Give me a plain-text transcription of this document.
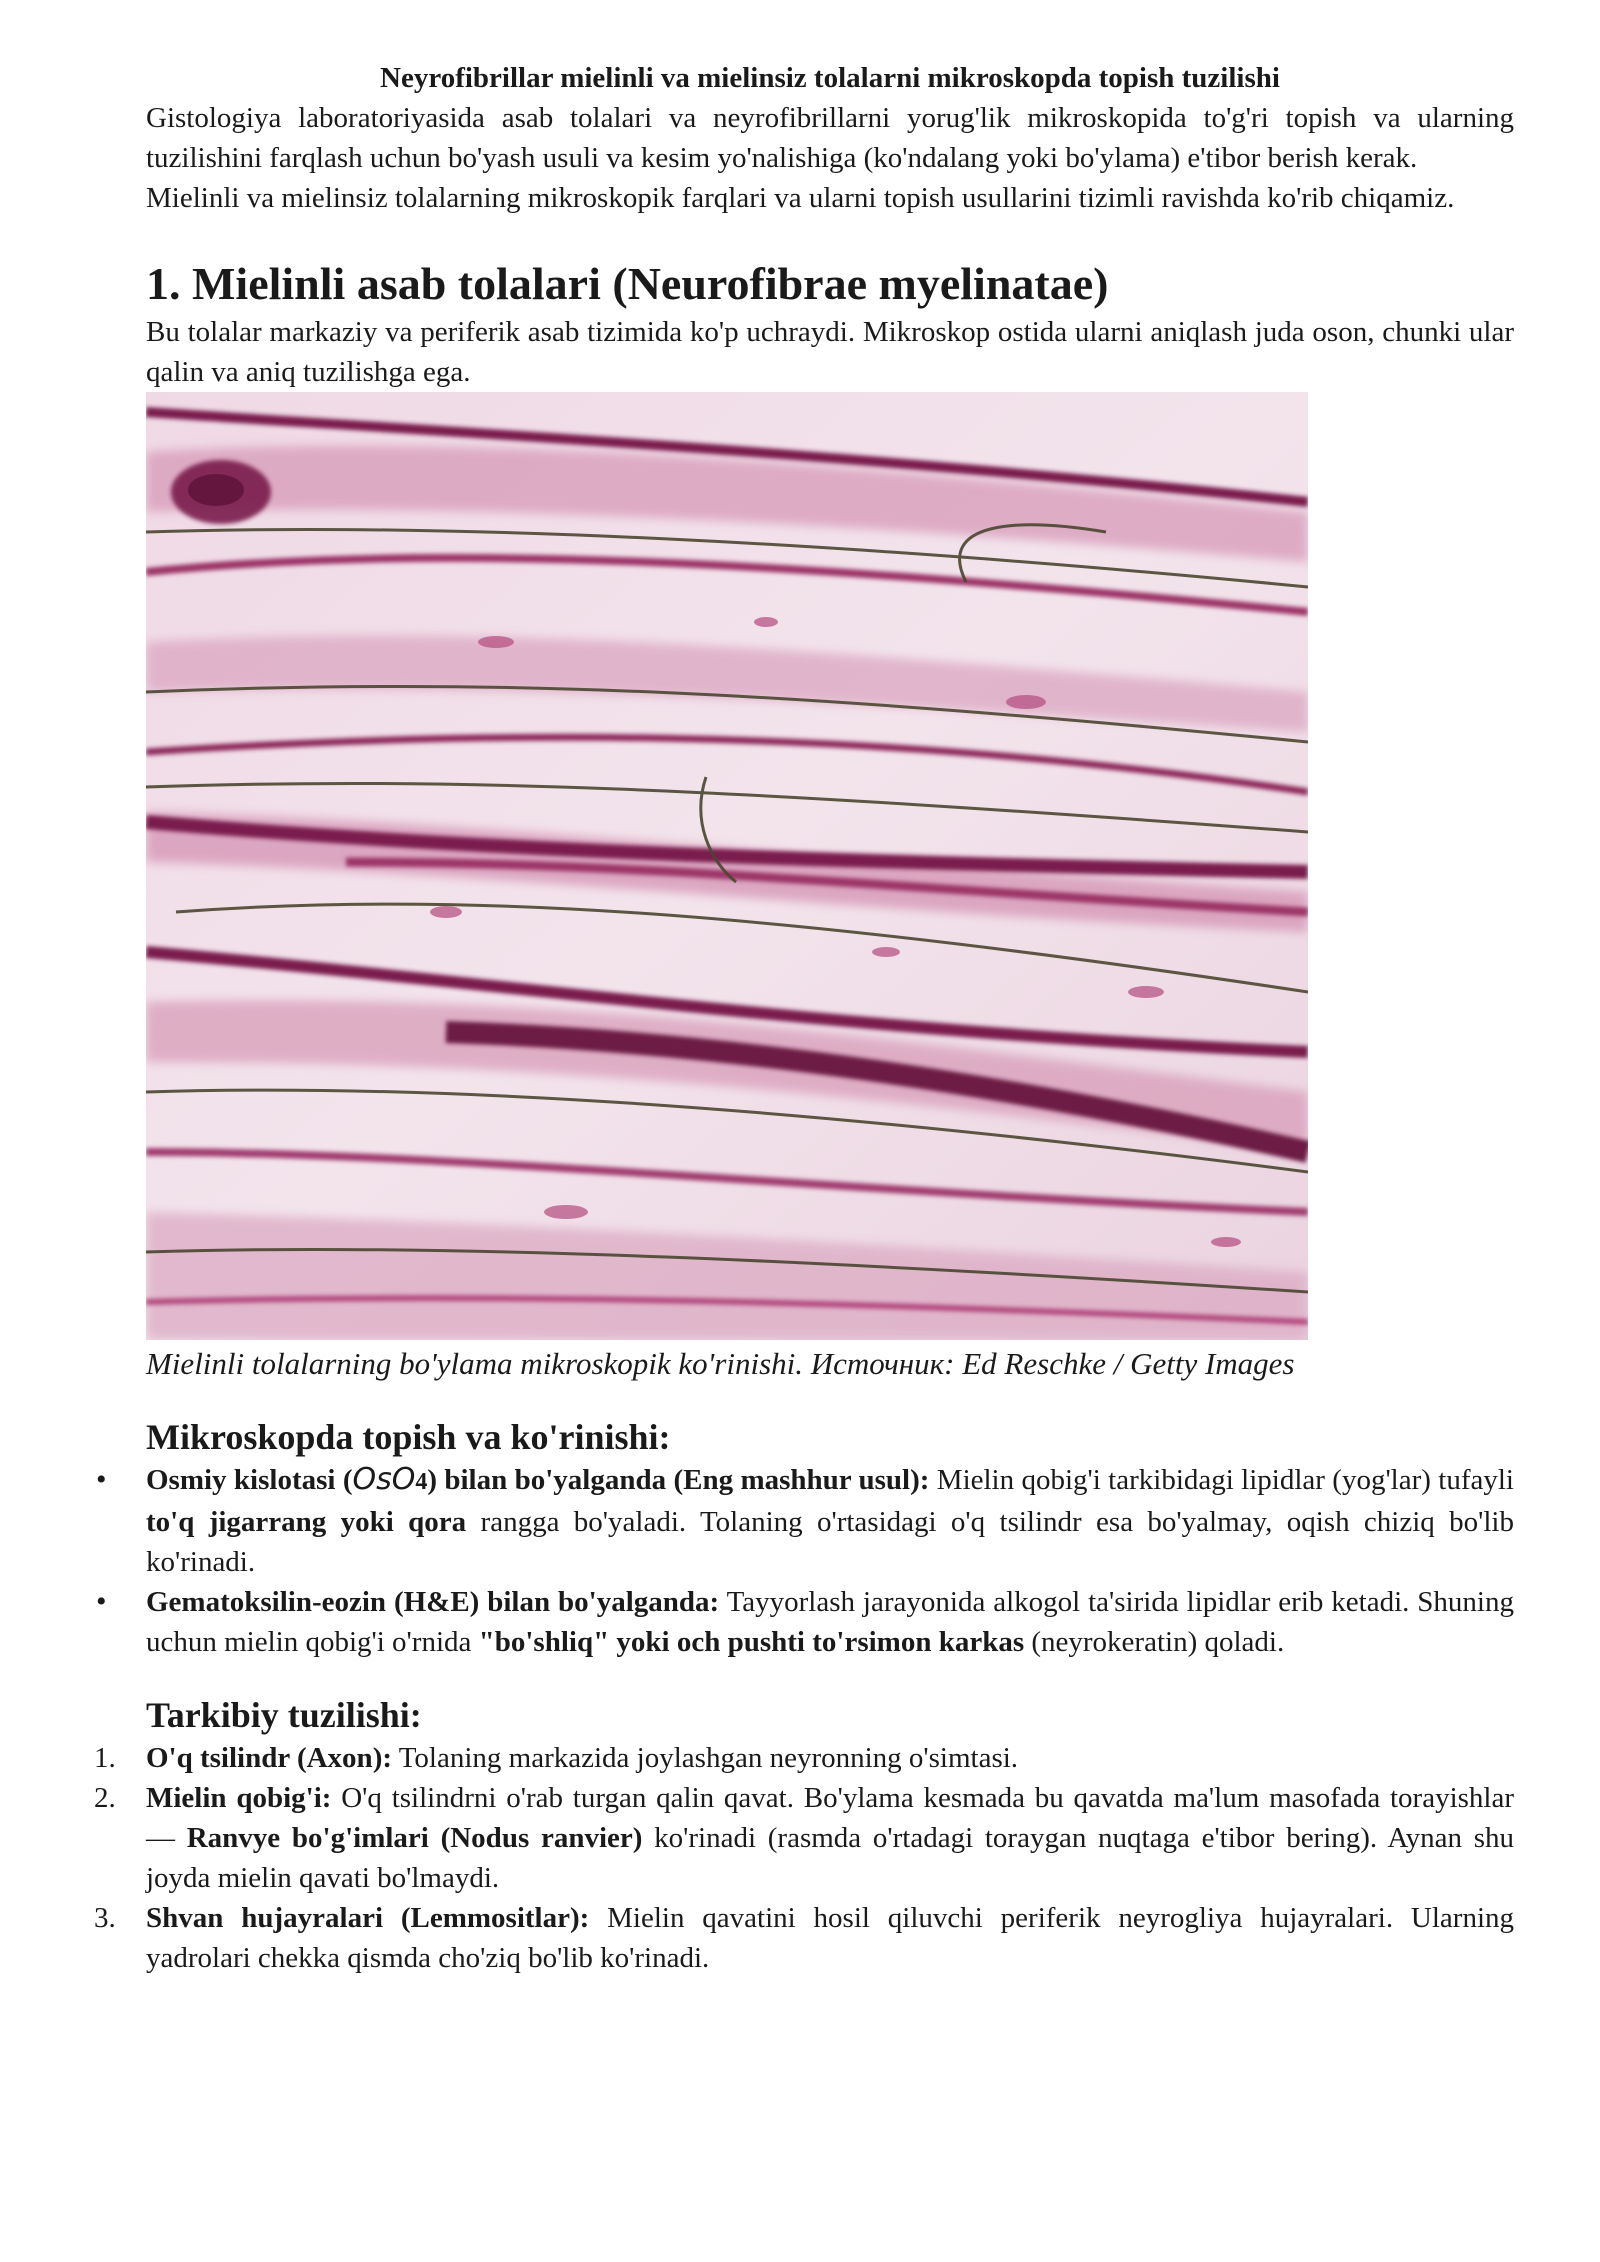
Neyrofibrillar mielinli va mielinsiz tolalarni mikroskopda topish tuzilishi

Gistologiya laboratoriyasida asab tolalari va neyrofibrillarni yorug'lik mikroskopida to'g'ri topish va ularning tuzilishini farqlash uchun bo'yash usuli va kesim yo'nalishiga (ko'ndalang yoki bo'ylama) e'tibor berish kerak.

Mielinli va mielinsiz tolalarning mikroskopik farqlari va ularni topish usullarini tizimli ravishda ko'rib chiqamiz.

1. Mielinli asab tolalari (Neurofibrae myelinatae)

Bu tolalar markaziy va periferik asab tizimida ko'p uchraydi. Mikroskop ostida ularni aniqlash juda oson, chunki ular qalin va aniq tuzilishga ega.

Mielinli tolalarning bo'ylama mikroskopik ko'rinishi. Источник: Ed Reschke / Getty Images

Mikroskopda topish va ko'rinishi:

• Osmiy kislotasi (OsO4) bilan bo'yalganda (Eng mashhur usul): Mielin qobig'i tarkibidagi lipidlar (yog'lar) tufayli to'q jigarrang yoki qora rangga bo'yaladi. Tolaning o'rtasidagi o'q tsilindr esa bo'yalmay, oqish chiziq bo'lib ko'rinadi.
• Gematoksilin-eozin (H&E) bilan bo'yalganda: Tayyorlash jarayonida alkogol ta'sirida lipidlar erib ketadi. Shuning uchun mielin qobig'i o'rnida "bo'shliq" yoki och pushti to'rsimon karkas (neyrokeratin) qoladi.

Tarkibiy tuzilishi:

1. O'q tsilindr (Axon): Tolaning markazida joylashgan neyronning o'simtasi.
2. Mielin qobig'i: O'q tsilindrni o'rab turgan qalin qavat. Bo'ylama kesmada bu qavatda ma'lum masofada torayishlar — Ranvye bo'g'imlari (Nodus ranvier) ko'rinadi (rasmda o'rtadagi toraygan nuqtaga e'tibor bering). Aynan shu joyda mielin qavati bo'lmaydi.
3. Shvan hujayralari (Lemmositlar): Mielin qavatini hosil qiluvchi periferik neyrogliya hujayralari. Ularning yadrolari chekka qismda cho'ziq bo'lib ko'rinadi.
